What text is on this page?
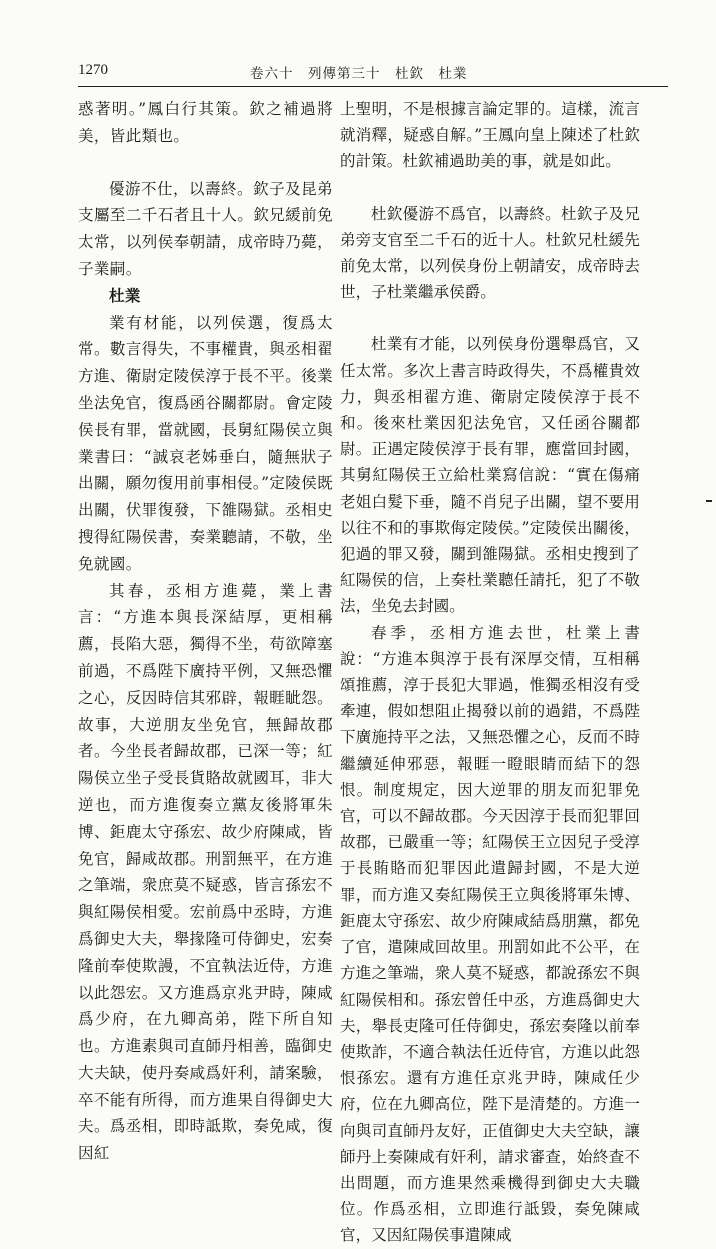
1270	卷六十　列傳第三十　杜欽　杜業

惑著明。”鳳白行其策。欽之補過將美，皆此類也。

優游不仕，以壽終。欽子及昆弟支屬至二千石者且十人。欽兄緩前免太常，以列侯奉朝請，成帝時乃薨，子業嗣。

杜業

業有材能，以列侯選，復爲太常。數言得失，不事權貴，與丞相翟方進、衛尉定陵侯淳于長不平。後業坐法免官，復爲函谷關都尉。會定陵侯長有罪，當就國，長舅紅陽侯立與業書曰：“誠哀老姊垂白，隨無狀子出關，願勿復用前事相侵。”定陵侯既出關，伏罪復發，下雒陽獄。丞相史搜得紅陽侯書，奏業聽請，不敬，坐免就國。

其春，丞相方進薨，業上書言：“方進本與長深結厚，更相稱薦，長陷大惡，獨得不坐，苟欲障塞前過，不爲陛下廣持平例，又無恐懼之心，反因時信其邪辟，報睚眦怨。故事，大逆朋友坐免官，無歸故郡者。今坐長者歸故郡，已深一等；紅陽侯立坐子受長貨賂故就國耳，非大逆也，而方進復奏立黨友後將軍朱博、鉅鹿太守孫宏、故少府陳咸，皆免官，歸咸故郡。刑罰無平，在方進之筆端，衆庶莫不疑惑，皆言孫宏不與紅陽侯相愛。宏前爲中丞時，方進爲御史大夫，舉掾隆可侍御史，宏奏隆前奉使欺謾，不宜執法近侍，方進以此怨宏。又方進爲京兆尹時，陳咸爲少府，在九卿高弟，陛下所自知也。方進素與司直師丹相善，臨御史大夫缺，使丹奏咸爲奸利，請案驗，卒不能有所得，而方進果自得御史大夫。爲丞相，即時詆欺，奏免咸，復因紅

上聖明，不是根據言論定罪的。這樣，流言就消釋，疑惑自解。”王鳳向皇上陳述了杜欽的計策。杜欽補過助美的事，就是如此。

杜欽優游不爲官，以壽終。杜欽子及兄弟旁支官至二千石的近十人。杜欽兄杜緩先前免太常，以列侯身份上朝請安，成帝時去世，子杜業繼承侯爵。

杜業有才能，以列侯身份選舉爲官，又任太常。多次上書言時政得失，不爲權貴效力，與丞相翟方進、衛尉定陵侯淳于長不和。後來杜業因犯法免官，又任函谷關都尉。正遇定陵侯淳于長有罪，應當回封國，其舅紅陽侯王立給杜業寫信說：“實在傷痛老姐白髮下垂，隨不肖兒子出關，望不要用以往不和的事欺侮定陵侯。”定陵侯出關後，犯過的罪又發，關到雒陽獄。丞相史搜到了紅陽侯的信，上奏杜業聽任請托，犯了不敬法，坐免去封國。

春季，丞相方進去世，杜業上書說：“方進本與淳于長有深厚交情，互相稱頌推薦，淳于長犯大罪過，惟獨丞相沒有受牽連，假如想阻止揭發以前的過錯，不爲陛下廣施持平之法，又無恐懼之心，反而不時繼續延伸邪惡，報睚一瞪眼睛而結下的怨恨。制度規定，因大逆罪的朋友而犯罪免官，可以不歸故郡。今天因淳于長而犯罪回故郡，已嚴重一等；紅陽侯王立因兒子受淳于長賄賂而犯罪因此遣歸封國，不是大逆罪，而方進又奏紅陽侯王立與後將軍朱博、鉅鹿太守孫宏、故少府陳咸結爲朋黨，都免了官，遣陳咸回故里。刑罰如此不公平，在方進之筆端，衆人莫不疑惑，都說孫宏不與紅陽侯相和。孫宏曾任中丞，方進爲御史大夫，舉長吏隆可任侍御史，孫宏奏隆以前奉使欺詐，不適合執法任近侍官，方進以此怨恨孫宏。還有方進任京兆尹時，陳咸任少府，位在九卿高位，陛下是清楚的。方進一向與司直師丹友好，正值御史大夫空缺，讓師丹上奏陳咸有奸利，請求審查，始終查不出問題，而方進果然乘機得到御史大夫職位。作爲丞相，立即進行詆毀，奏免陳咸官，又因紅陽侯事遣陳咸
